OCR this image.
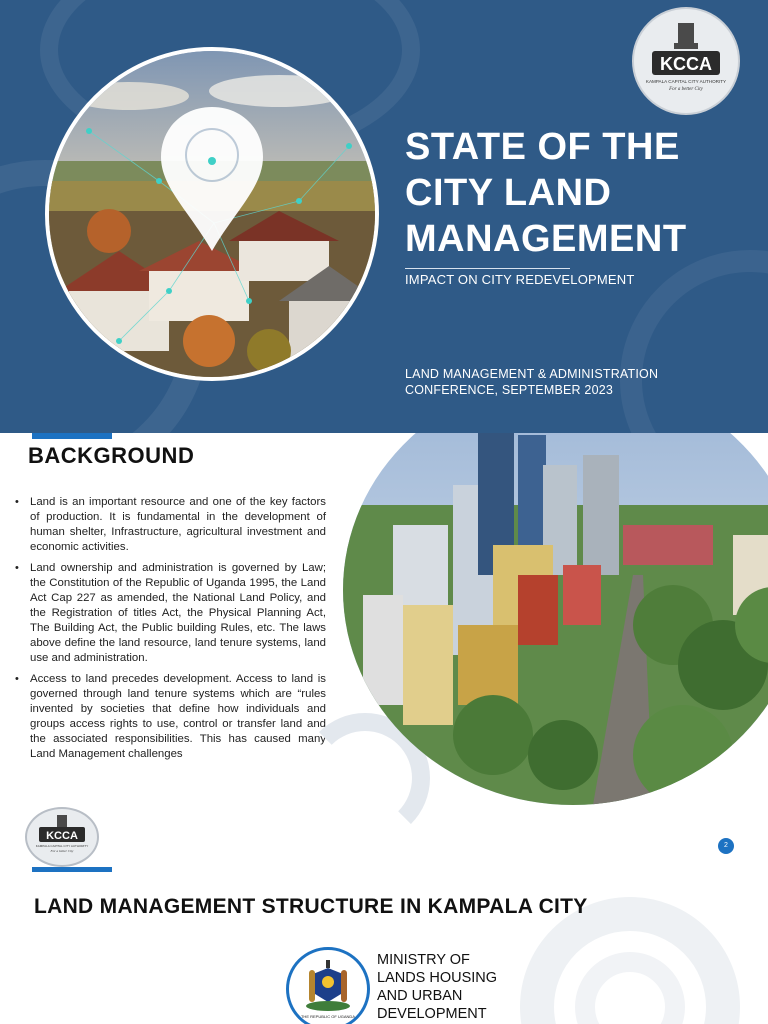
KCCA
KAMPALA CAPITAL CITY AUTHORITY
For a better City
STATE OF THE
CITY LAND
MANAGEMENT
IMPACT ON CITY REDEVELOPMENT
LAND MANAGEMENT & ADMINISTRATION
CONFERENCE, SEPTEMBER 2023
BACKGROUND
• Land is an important resource and one of the key factors of production. It is fundamental in the development of human shelter, Infrastructure, agricultural investment and economic activities.
• Land ownership and administration is governed by Law; the Constitution of the Republic of Uganda 1995, the Land Act Cap 227 as amended, the National Land Policy, and the Registration of titles Act, the Physical Planning Act, The Building Act, the Public building Rules, etc. The laws above define the land resource, land tenure systems, land use and administration.
• Access to land precedes development. Access to land is governed through land tenure systems which are “rules invented by societies that define how individuals and groups access rights to use, control or transfer land and the associated responsibilities. This has caused many Land Management challenges
KCCA
KAMPALA CAPITAL CITY AUTHORITY
For a better City
2
LAND MANAGEMENT STRUCTURE IN KAMPALA CITY
THE REPUBLIC OF UGANDA
MINISTRY OF
LANDS HOUSING
AND URBAN
DEVELOPMENT
